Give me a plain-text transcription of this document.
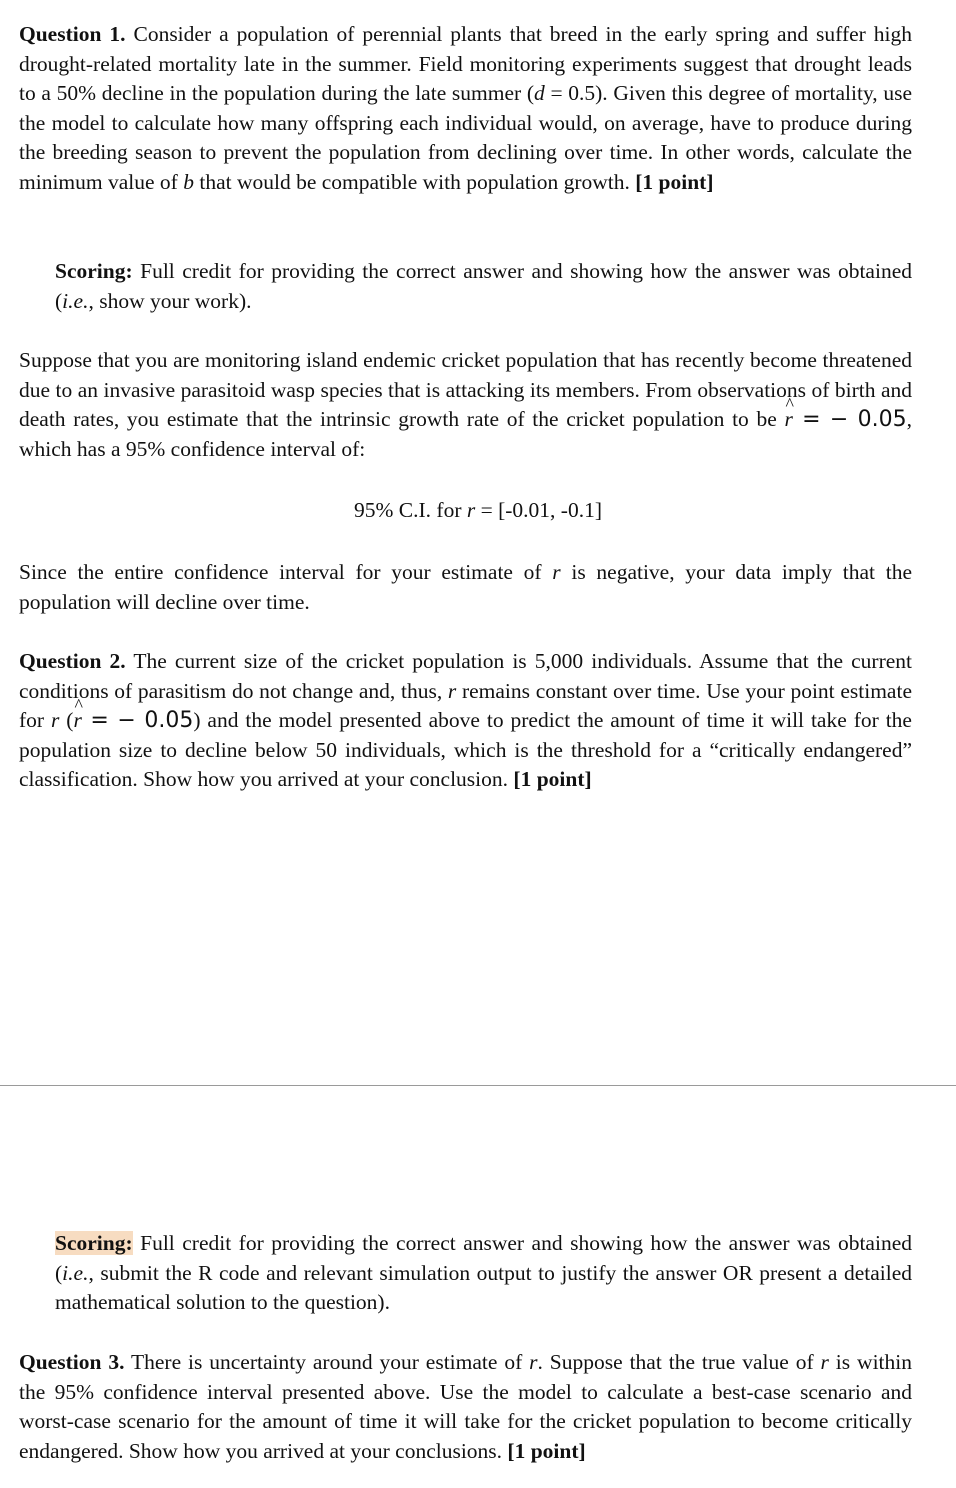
Question 1. Consider a population of perennial plants that breed in the early spring and suffer high drought-related mortality late in the summer. Field monitoring experiments suggest that drought leads to a 50% decline in the population during the late summer (d = 0.5). Given this degree of mortality, use the model to calculate how many offspring each individual would, on average, have to produce during the breeding season to prevent the population from declining over time. In other words, calculate the minimum value of b that would be compatible with population growth. [1 point]

Scoring: Full credit for providing the correct answer and showing how the answer was obtained (i.e., show your work).

Suppose that you are monitoring island endemic cricket population that has recently become threatened due to an invasive parasitoid wasp species that is attacking its members. From observations of birth and death rates, you estimate that the intrinsic growth rate of the cricket population to be ^ r = − 0.05, which has a 95% confidence interval of:

95% C.I. for r = [-0.01, -0.1]

Since the entire confidence interval for your estimate of r is negative, your data imply that the population will decline over time.

Question 2. The current size of the cricket population is 5,000 individuals. Assume that the current conditions of parasitism do not change and, thus, r remains constant over time. Use your point estimate for r (^ r = − 0.05) and the model presented above to predict the amount of time it will take for the population size to decline below 50 individuals, which is the threshold for a “critically endangered” classification. Show how you arrived at your conclusion. [1 point]

Scoring: Full credit for providing the correct answer and showing how the answer was obtained (i.e., submit the R code and relevant simulation output to justify the answer OR present a detailed mathematical solution to the question).

Question 3. There is uncertainty around your estimate of r. Suppose that the true value of r is within the 95% confidence interval presented above. Use the model to calculate a best-case scenario and worst-case scenario for the amount of time it will take for the cricket population to become critically endangered. Show how you arrived at your conclusions. [1 point]
